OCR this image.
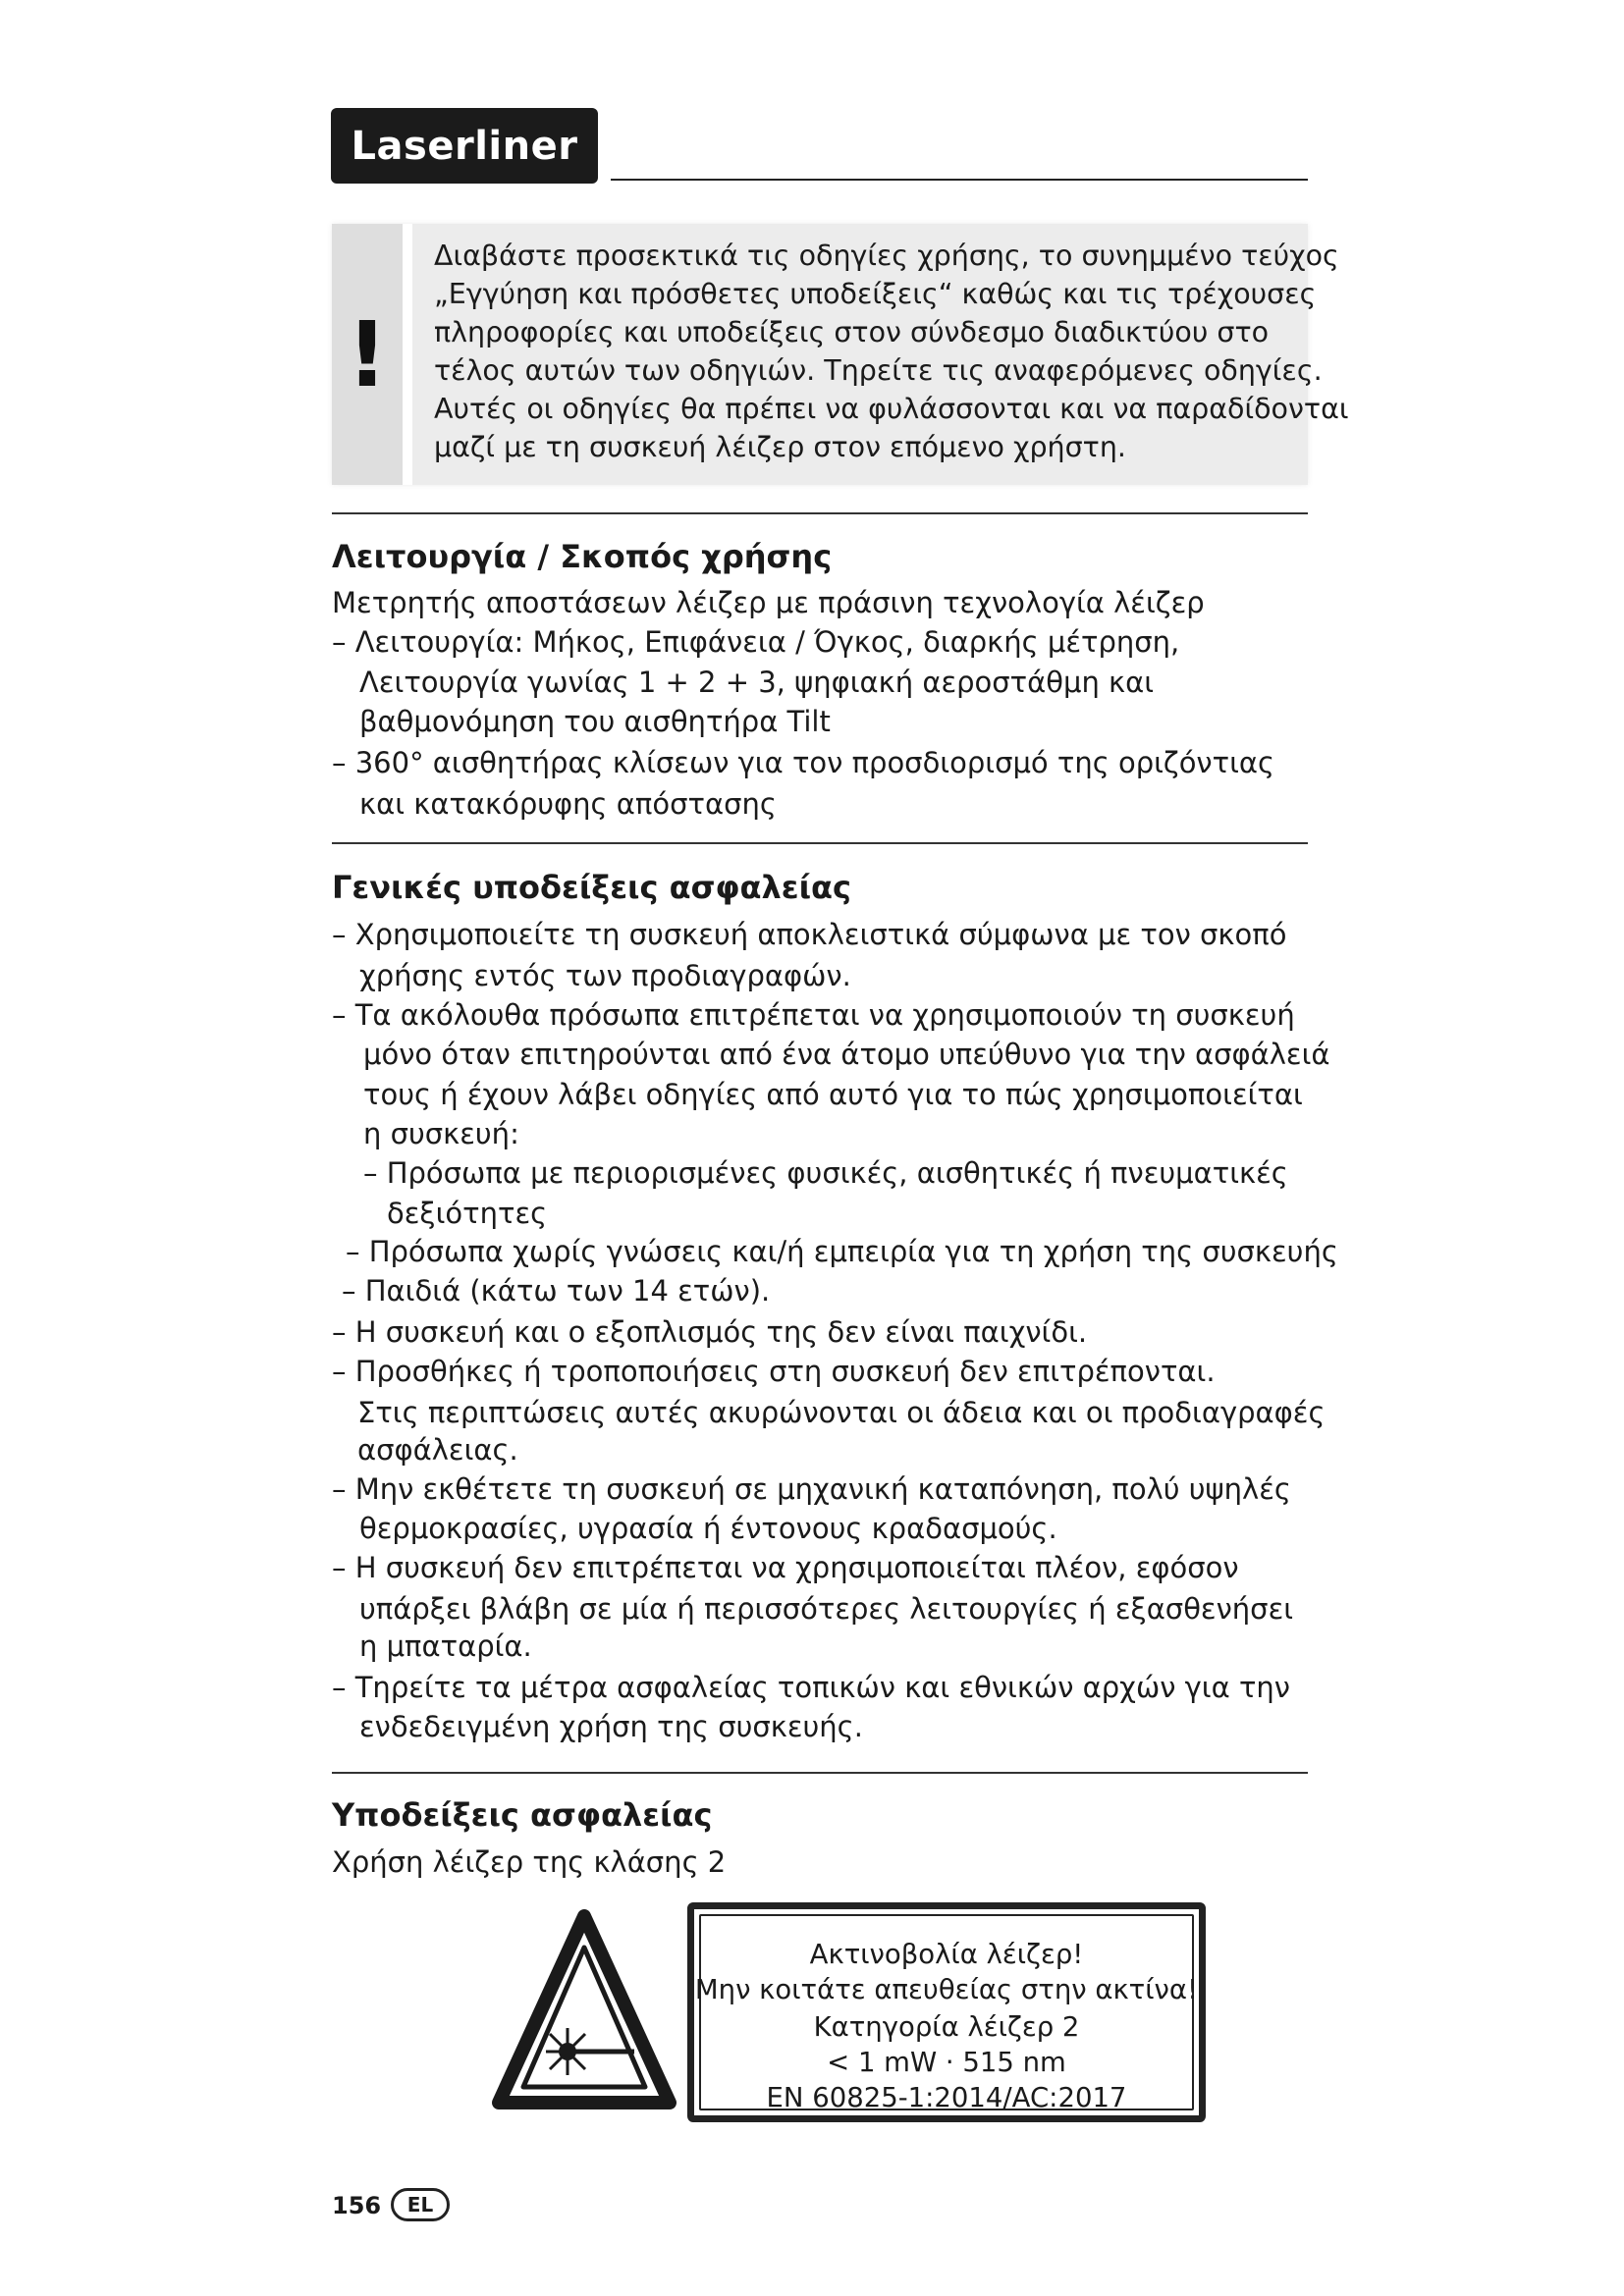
Laserliner
!
Διαβάστε προσεκτικά τις οδηγίες χρήσης, το συνημμένο τεύχος
„Εγγύηση και πρόσθετες υποδείξεις“ καθώς και τις τρέχουσες
πληροφορίες και υποδείξεις στον σύνδεσμο διαδικτύου στο
τέλος αυτών των οδηγιών. Τηρείτε τις αναφερόμενες οδηγίες.
Αυτές οι οδηγίες θα πρέπει να φυλάσσονται και να παραδίδονται
μαζί με τη συσκευή λέιζερ στον επόμενο χρήστη.
Λειτουργία / Σκοπός χρήσης
Μετρητής αποστάσεων λέιζερ με πράσινη τεχνολογία λέιζερ
– Λειτουργία: Μήκος, Επιφάνεια / Όγκος, διαρκής μέτρηση,
Λειτουργία γωνίας 1 + 2 + 3, ψηφιακή αεροστάθμη και
βαθμονόμηση του αισθητήρα Tilt
– 360° αισθητήρας κλίσεων για τον προσδιορισμό της οριζόντιας
και κατακόρυφης απόστασης
Γενικές υποδείξεις ασφαλείας
– Χρησιμοποιείτε τη συσκευή αποκλειστικά σύμφωνα με τον σκοπό
χρήσης εντός των προδιαγραφών.
– Τα ακόλουθα πρόσωπα επιτρέπεται να χρησιμοποιούν τη συσκευή
μόνο όταν επιτηρούνται από ένα άτομο υπεύθυνο για την ασφάλειά
τους ή έχουν λάβει οδηγίες από αυτό για το πώς χρησιμοποιείται
η συσκευή:
– Πρόσωπα με περιορισμένες φυσικές, αισθητικές ή πνευματικές
δεξιότητες
– Πρόσωπα χωρίς γνώσεις και/ή εμπειρία για τη χρήση της συσκευής
– Παιδιά (κάτω των 14 ετών).
– Η συσκευή και ο εξοπλισμός της δεν είναι παιχνίδι.
– Προσθήκες ή τροποποιήσεις στη συσκευή δεν επιτρέπονται.
Στις περιπτώσεις αυτές ακυρώνονται οι άδεια και οι προδιαγραφές
ασφάλειας.
– Μην εκθέτετε τη συσκευή σε μηχανική καταπόνηση, πολύ υψηλές
θερμοκρασίες, υγρασία ή έντονους κραδασμούς.
– Η συσκευή δεν επιτρέπεται να χρησιμοποιείται πλέον, εφόσον
υπάρξει βλάβη σε μία ή περισσότερες λειτουργίες ή εξασθενήσει
η μπαταρία.
– Τηρείτε τα μέτρα ασφαλείας τοπικών και εθνικών αρχών για την
ενδεδειγμένη χρήση της συσκευής.
Υποδείξεις ασφαλείας
Χρήση λέιζερ της κλάσης 2
Ακτινοβολία λέιζερ!
Μην κοιτάτε απευθείας στην ακτίνα!
Κατηγορία λέιζερ 2
< 1 mW · 515 nm
EN 60825-1:2014/AC:2017
156	EL
